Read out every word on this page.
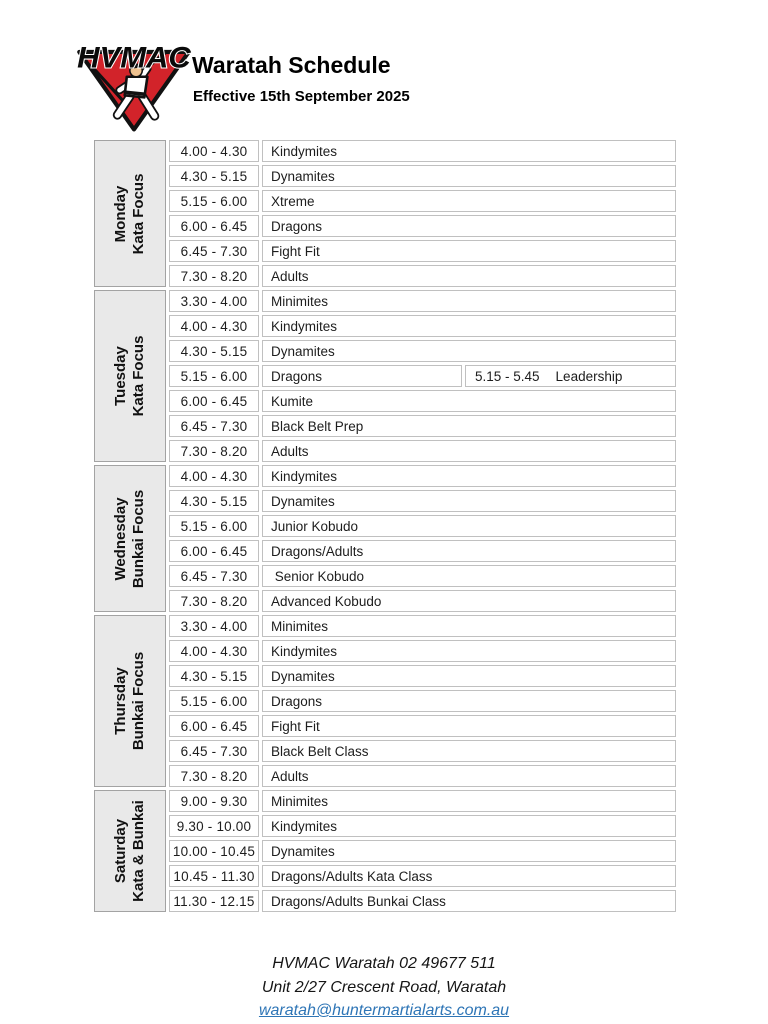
HVMAC Waratah Schedule
Effective 15th September 2025
Monday Kata Focus
4.00 - 4.30	Kindymites
4.30 - 5.15	Dynamites
5.15 - 6.00	Xtreme
6.00 - 6.45	Dragons
6.45 - 7.30	Fight Fit
7.30 - 8.20	Adults
Tuesday Kata Focus
3.30 - 4.00	Minimites
4.00 - 4.30	Kindymites
4.30 - 5.15	Dynamites
5.15 - 6.00	Dragons	5.15 - 5.45 Leadership
6.00 - 6.45	Kumite
6.45 - 7.30	Black Belt Prep
7.30 - 8.20	Adults
Wednesday Bunkai Focus
4.00 - 4.30	Kindymites
4.30 - 5.15	Dynamites
5.15 - 6.00	Junior Kobudo
6.00 - 6.45	Dragons/Adults
6.45 - 7.30	Senior Kobudo
7.30 - 8.20	Advanced Kobudo
Thursday Bunkai Focus
3.30 - 4.00	Minimites
4.00 - 4.30	Kindymites
4.30 - 5.15	Dynamites
5.15 - 6.00	Dragons
6.00 - 6.45	Fight Fit
6.45 - 7.30	Black Belt Class
7.30 - 8.20	Adults
Saturday Kata & Bunkai	9.00 - 9.30	Minimites
9.30 - 10.00	Kindymites
10.00 - 10.45	Dynamites
10.45 - 11.30	Dragons/Adults Kata Class
11.30 - 12.15	Dragons/Adults Bunkai Class
HVMAC Waratah 02 49677 511
Unit 2/27 Crescent Road, Waratah
waratah@huntermartialarts.com.au
